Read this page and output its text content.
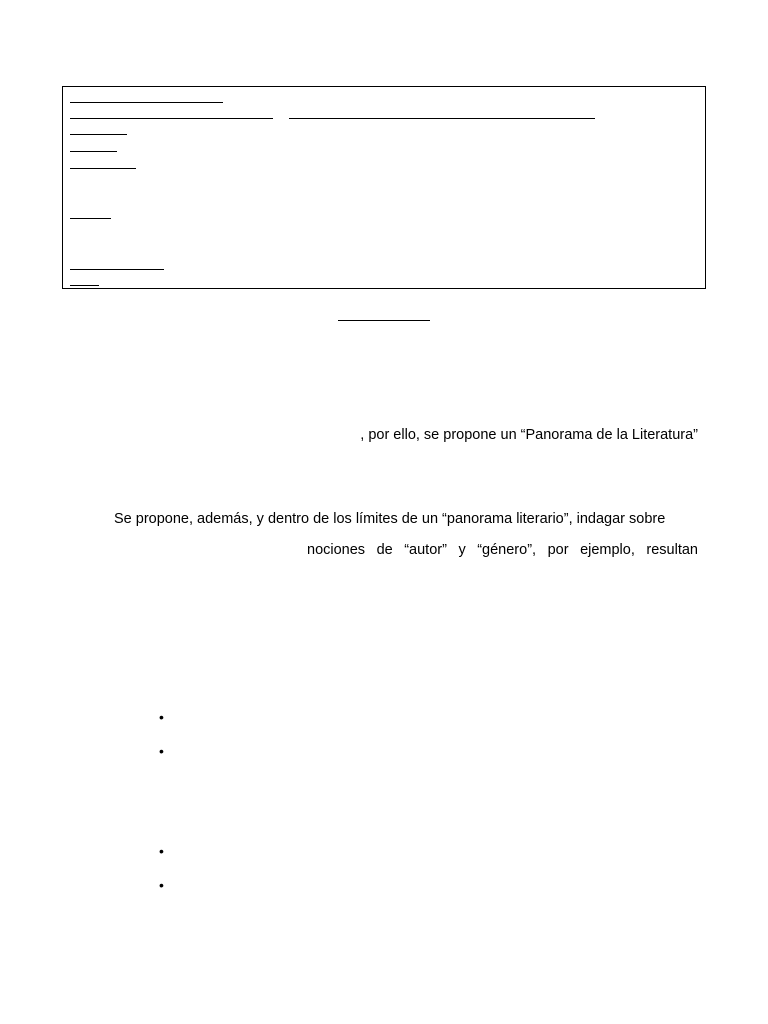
, por ello, se propone un “Panorama de la Literatura”
Se propone, además, y dentro de los límites de un “panorama literario”, indagar sobre
nociones de “autor” y “género”, por ejemplo, resultan
•
•
•
•
